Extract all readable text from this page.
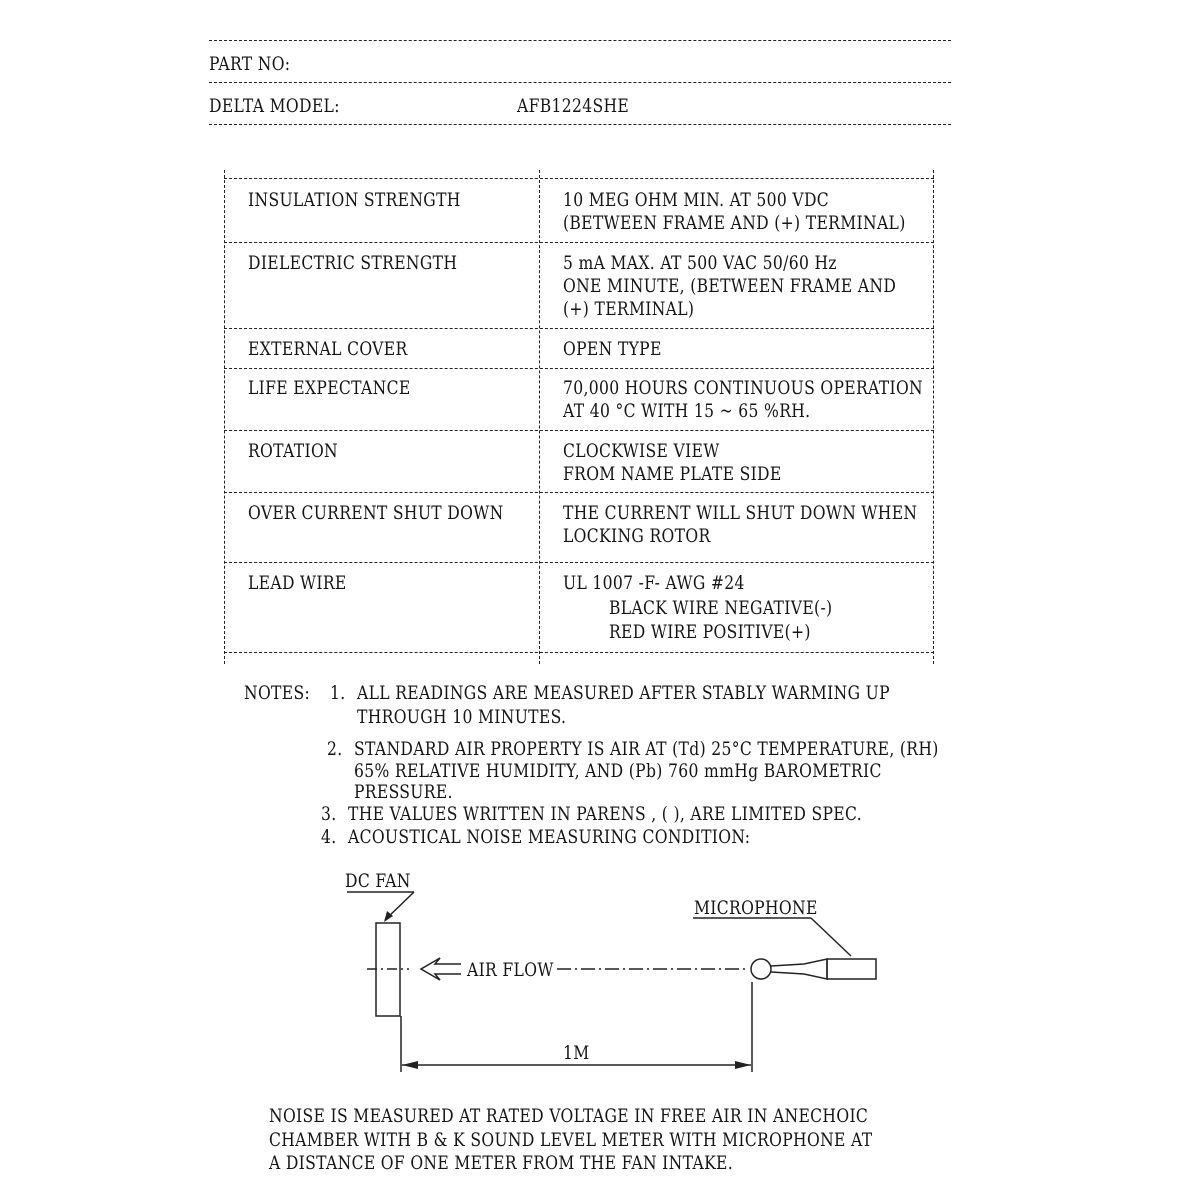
PART NO:
DELTA MODEL:	AFB1224SHE
INSULATION STRENGTH	10 MEG OHM MIN. AT 500 VDC
(BETWEEN FRAME AND (+) TERMINAL)
DIELECTRIC STRENGTH	5 mA MAX. AT 500 VAC 50/60 Hz
ONE MINUTE, (BETWEEN FRAME AND
(+) TERMINAL)
EXTERNAL COVER	OPEN TYPE
LIFE EXPECTANCE	70,000 HOURS CONTINUOUS OPERATION
AT 40 °C WITH 15 ~ 65 %RH.
ROTATION	CLOCKWISE VIEW
FROM NAME PLATE SIDE
OVER CURRENT SHUT DOWN	THE CURRENT WILL SHUT DOWN WHEN
LOCKING ROTOR
LEAD WIRE	UL 1007 -F- AWG #24
BLACK WIRE NEGATIVE(-)
RED WIRE POSITIVE(+)
NOTES: 1. ALL READINGS ARE MEASURED AFTER STABLY WARMING UP
THROUGH 10 MINUTES.
2. STANDARD AIR PROPERTY IS AIR AT (Td) 25°C TEMPERATURE, (RH)
65% RELATIVE HUMIDITY, AND (Pb) 760 mmHg BAROMETRIC
PRESSURE.
3. THE VALUES WRITTEN IN PARENS , ( ), ARE LIMITED SPEC.
4. ACOUSTICAL NOISE MEASURING CONDITION:
DC FAN
MICROPHONE
AIR FLOW
1M
NOISE IS MEASURED AT RATED VOLTAGE IN FREE AIR IN ANECHOIC
CHAMBER WITH B & K SOUND LEVEL METER WITH MICROPHONE AT
A DISTANCE OF ONE METER FROM THE FAN INTAKE.
